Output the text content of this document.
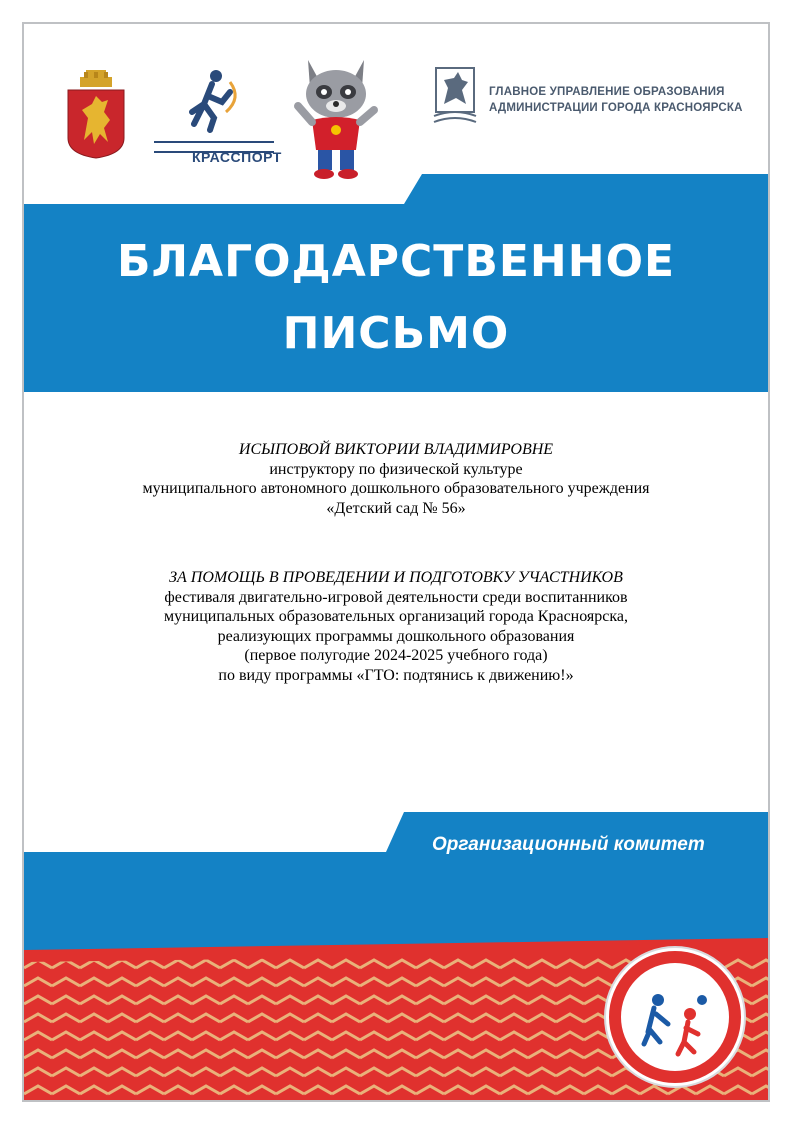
КРАССПОРТ
ГЛАВНОЕ УПРАВЛЕНИЕ ОБРАЗОВАНИЯ
АДМИНИСТРАЦИИ ГОРОДА КРАСНОЯРСКА
БЛАГОДАРСТВЕННОЕ
ПИСЬМО
ИСЫПОВОЙ ВИКТОРИИ ВЛАДИМИРОВНЕ
инструктору по физической культуре
муниципального автономного дошкольного образовательного учреждения
«Детский сад № 56»
ЗА ПОМОЩЬ В ПРОВЕДЕНИИ И ПОДГОТОВКУ УЧАСТНИКОВ
фестиваля двигательно-игровой деятельности среди воспитанников
муниципальных образовательных организаций города Красноярска,
реализующих программы дошкольного образования
(первое полугодие 2024-2025 учебного года)
по виду программы «ГТО: подтянись к движению!»
Организационный комитет
